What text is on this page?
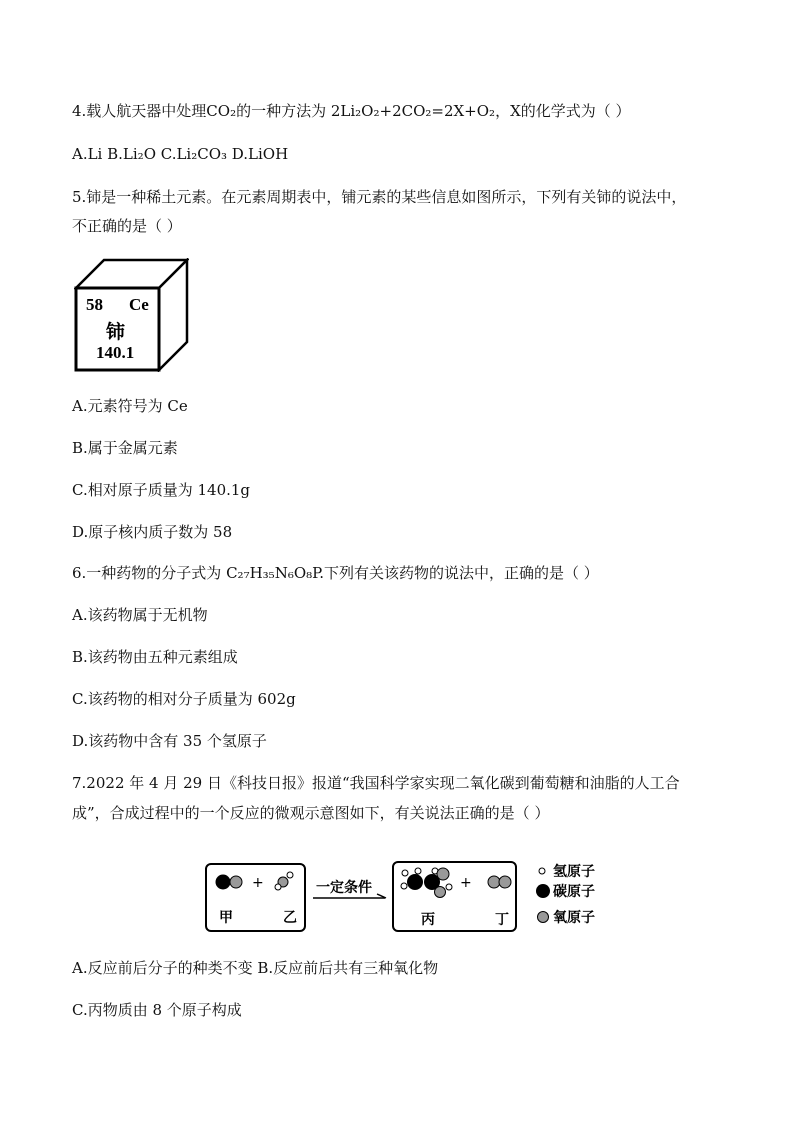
4.载人航天器中处理CO₂的一种方法为 2Li₂O₂+2CO₂=2X+O₂，X的化学式为（ ）
A.Li B.Li₂O C.Li₂CO₃ D.LiOH
5.铈是一种稀土元素。在元素周期表中，铺元素的某些信息如图所示，下列有关铈的说法中，
不正确的是（ ）
58 Ce
铈
140.1
A.元素符号为 Ce
B.属于金属元素
C.相对原子质量为 140.1g
D.原子核内质子数为 58
6.一种药物的分子式为 C₂₇H₃₅N₆O₈P.下列有关该药物的说法中，正确的是（ ）
A.该药物属于无机物
B.该药物由五种元素组成
C.该药物的相对分子质量为 602g
D.该药物中含有 35 个氢原子
7.2022 年 4 月 29 日《科技日报》报道“我国科学家实现二氧化碳到葡萄糖和油脂的人工合
成”，合成过程中的一个反应的微观示意图如下，有关说法正确的是（ ）
+
甲	乙
一定条件	+
丙	丁
氢原子
碳原子
氧原子
A.反应前后分子的种类不变 B.反应前后共有三种氧化物
C.丙物质由 8 个原子构成
